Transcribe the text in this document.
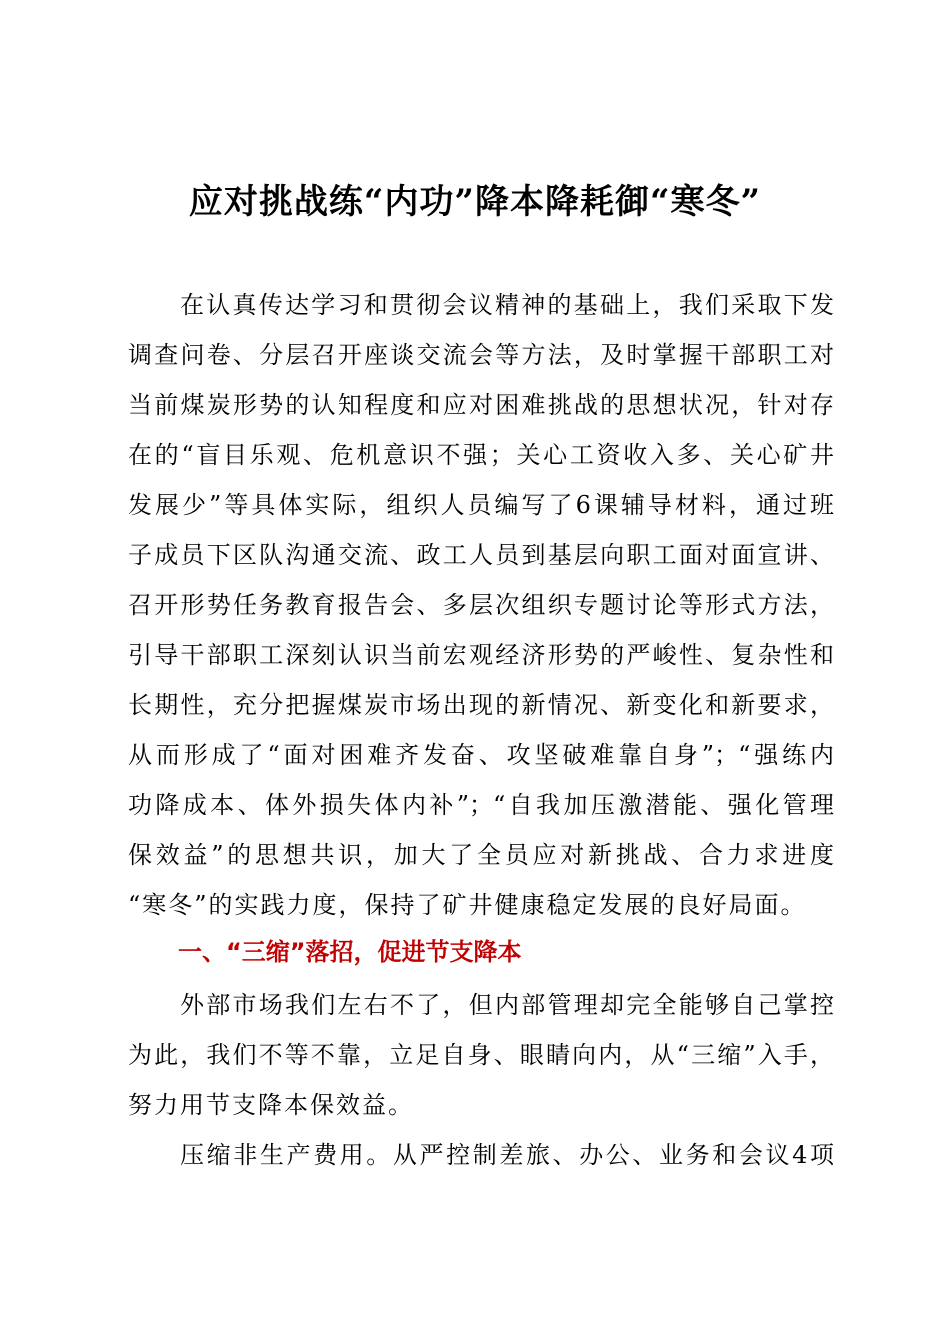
应对挑战练“内功”降本降耗御“寒冬”

在认真传达学习和贯彻会议精神的基础上，我们采取下发

调查问卷、分层召开座谈交流会等方法，及时掌握干部职工对

当前煤炭形势的认知程度和应对困难挑战的思想状况，针对存

在的“盲目乐观、危机意识不强；关心工资收入多、关心矿井

发展少”等具体实际，组织人员编写了6课辅导材料，通过班

子成员下区队沟通交流、政工人员到基层向职工面对面宣讲、

召开形势任务教育报告会、多层次组织专题讨论等形式方法，

引导干部职工深刻认识当前宏观经济形势的严峻性、复杂性和

长期性，充分把握煤炭市场出现的新情况、新变化和新要求，

从而形成了“面对困难齐发奋、攻坚破难靠自身”；“强练内

功降成本、体外损失体内补”；“自我加压激潜能、强化管理

保效益”的思想共识，加大了全员应对新挑战、合力求进度

“寒冬”的实践力度，保持了矿井健康稳定发展的良好局面。

一、“三缩”落招，促进节支降本

外部市场我们左右不了，但内部管理却完全能够自己掌控

为此，我们不等不靠，立足自身、眼睛向内，从“三缩”入手，

努力用节支降本保效益。

压缩非生产费用。从严控制差旅、办公、业务和会议4项
